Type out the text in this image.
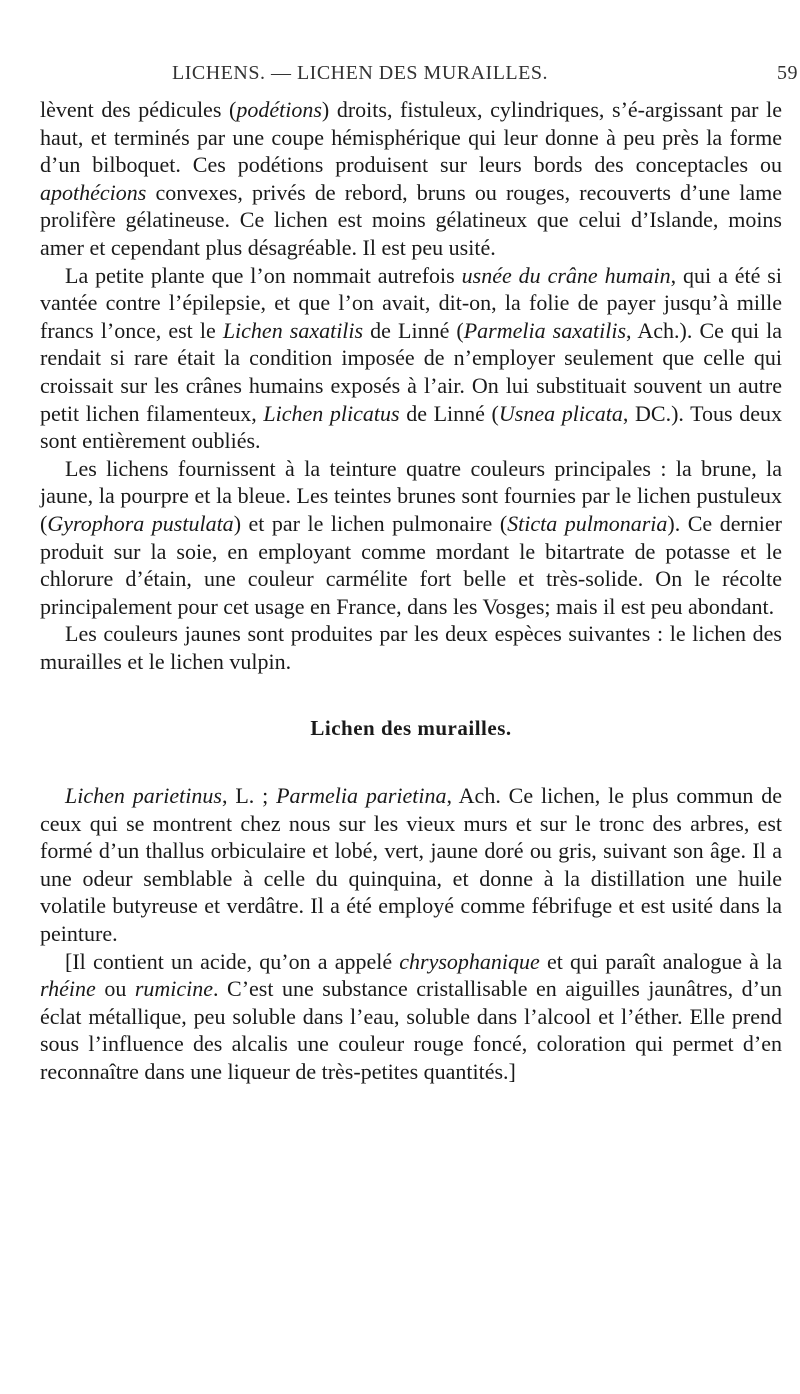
LICHENS. — LICHEN DES MURAILLES.	59

lèvent des pédicules (podétions) droits, fistuleux, cylindriques, s’é-argissant par le haut, et terminés par une coupe hémisphérique qui leur donne à peu près la forme d’un bilboquet. Ces podétions produisent sur leurs bords des conceptacles ou apothécions convexes, privés de rebord, bruns ou rouges, recouverts d’une lame prolifère gélatineuse. Ce lichen est moins gélatineux que celui d’Islande, moins amer et cependant plus désagréable. Il est peu usité.

La petite plante que l’on nommait autrefois usnée du crâne humain, qui a été si vantée contre l’épilepsie, et que l’on avait, dit-on, la folie de payer jusqu’à mille francs l’once, est le Lichen saxatilis de Linné (Parmelia saxatilis, Ach.). Ce qui la rendait si rare était la condition imposée de n’employer seulement que celle qui croissait sur les crânes humains exposés à l’air. On lui substituait souvent un autre petit lichen filamenteux, Lichen plicatus de Linné (Usnea plicata, DC.). Tous deux sont entièrement oubliés.

Les lichens fournissent à la teinture quatre couleurs principales : la brune, la jaune, la pourpre et la bleue. Les teintes brunes sont fournies par le lichen pustuleux (Gyrophora pustulata) et par le lichen pulmonaire (Sticta pulmonaria). Ce dernier produit sur la soie, en employant comme mordant le bitartrate de potasse et le chlorure d’étain, une couleur carmélite fort belle et très-solide. On le récolte principalement pour cet usage en France, dans les Vosges; mais il est peu abondant.

Les couleurs jaunes sont produites par les deux espèces suivantes : le lichen des murailles et le lichen vulpin.

Lichen des murailles.

Lichen parietinus, L. ; Parmelia parietina, Ach. Ce lichen, le plus commun de ceux qui se montrent chez nous sur les vieux murs et sur le tronc des arbres, est formé d’un thallus orbiculaire et lobé, vert, jaune doré ou gris, suivant son âge. Il a une odeur semblable à celle du quinquina, et donne à la distillation une huile volatile butyreuse et verdâtre. Il a été employé comme fébrifuge et est usité dans la peinture.

[Il contient un acide, qu’on a appelé chrysophanique et qui paraît analogue à la rhéine ou rumicine. C’est une substance cristallisable en aiguilles jaunâtres, d’un éclat métallique, peu soluble dans l’eau, soluble dans l’alcool et l’éther. Elle prend sous l’influence des alcalis une couleur rouge foncé, coloration qui permet d’en reconnaître dans une liqueur de très-petites quantités.]
